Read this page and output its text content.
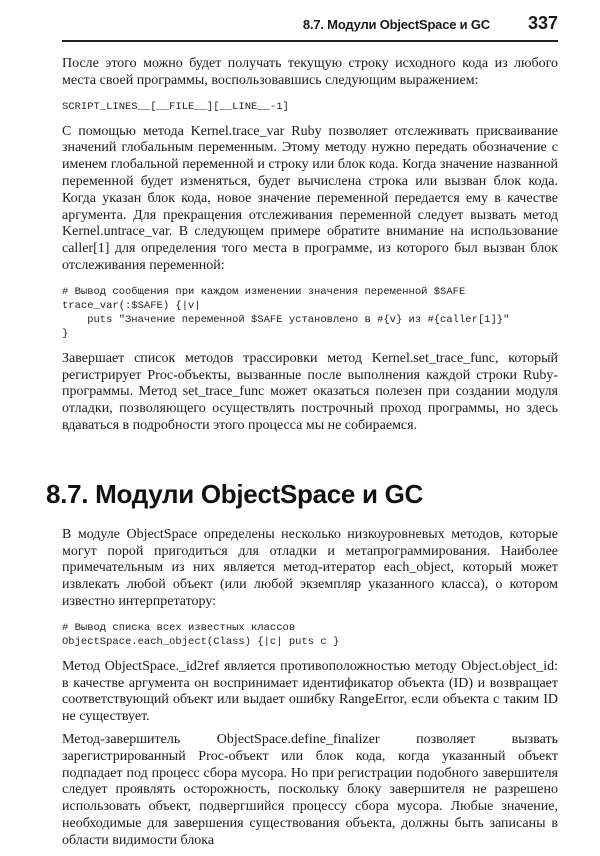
8.7. Модули ObjectSpace и GC 337

После этого можно будет получать текущую строку исходного кода из любого места своей программы, воспользовавшись следующим выражением:

SCRIPT_LINES__[__FILE__][__LINE__-1]

С помощью метода Kernel.trace_var Ruby позволяет отслеживать присваивание значений глобальным переменным. Этому методу нужно передать обозначение с именем глобальной переменной и строку или блок кода. Когда значение названной переменной будет изменяться, будет вычислена строка или вызван блок кода. Когда указан блок кода, новое значение переменной передается ему в качестве аргумента. Для прекращения отслеживания переменной следует вызвать метод Kernel.untrace_var. В следующем примере обратите внимание на использование caller[1] для определения того места в программе, из которого был вызван блок отслеживания переменной:

# Вывод сообщения при каждом изменении значения переменной $SAFE
trace_var(:$SAFE) {|v|
puts "Значение переменной $SAFE установлено в #{v} из #{caller[1]}"
}

Завершает список методов трассировки метод Kernel.set_trace_func, который регистрирует Proc-объекты, вызванные после выполнения каждой строки Ruby-программы. Метод set_trace_func может оказаться полезен при создании модуля отладки, позволяющего осуществлять построчный проход программы, но здесь вдаваться в подробности этого процесса мы не собираемся.

8.7. Модули ObjectSpace и GC

В модуле ObjectSpace определены несколько низкоуровневых методов, которые могут порой пригодиться для отладки и метапрограммирования. Наиболее примечательным из них является метод-итератор each_object, который может извлекать любой объект (или любой экземпляр указанного класса), о котором известно интерпретатору:

# Вывод списка всех известных классов
ObjectSpace.each_object(Class) {|c| puts c }

Метод ObjectSpace._id2ref является противоположностью методу Object.object_id: в качестве аргумента он воспринимает идентификатор объекта (ID) и возвращает соответствующий объект или выдает ошибку RangeError, если объекта с таким ID не существует.

Метод-завершитель ObjectSpace.define_finalizer позволяет вызвать зарегистрированный Proc-объект или блок кода, когда указанный объект подпадает под процесс сбора мусора. Но при регистрации подобного завершителя следует проявлять осторожность, поскольку блоку завершителя не разрешено использовать объект, подвергшийся процессу сбора мусора. Любые значение, необходимые для завершения существования объекта, должны быть записаны в области видимости блока
